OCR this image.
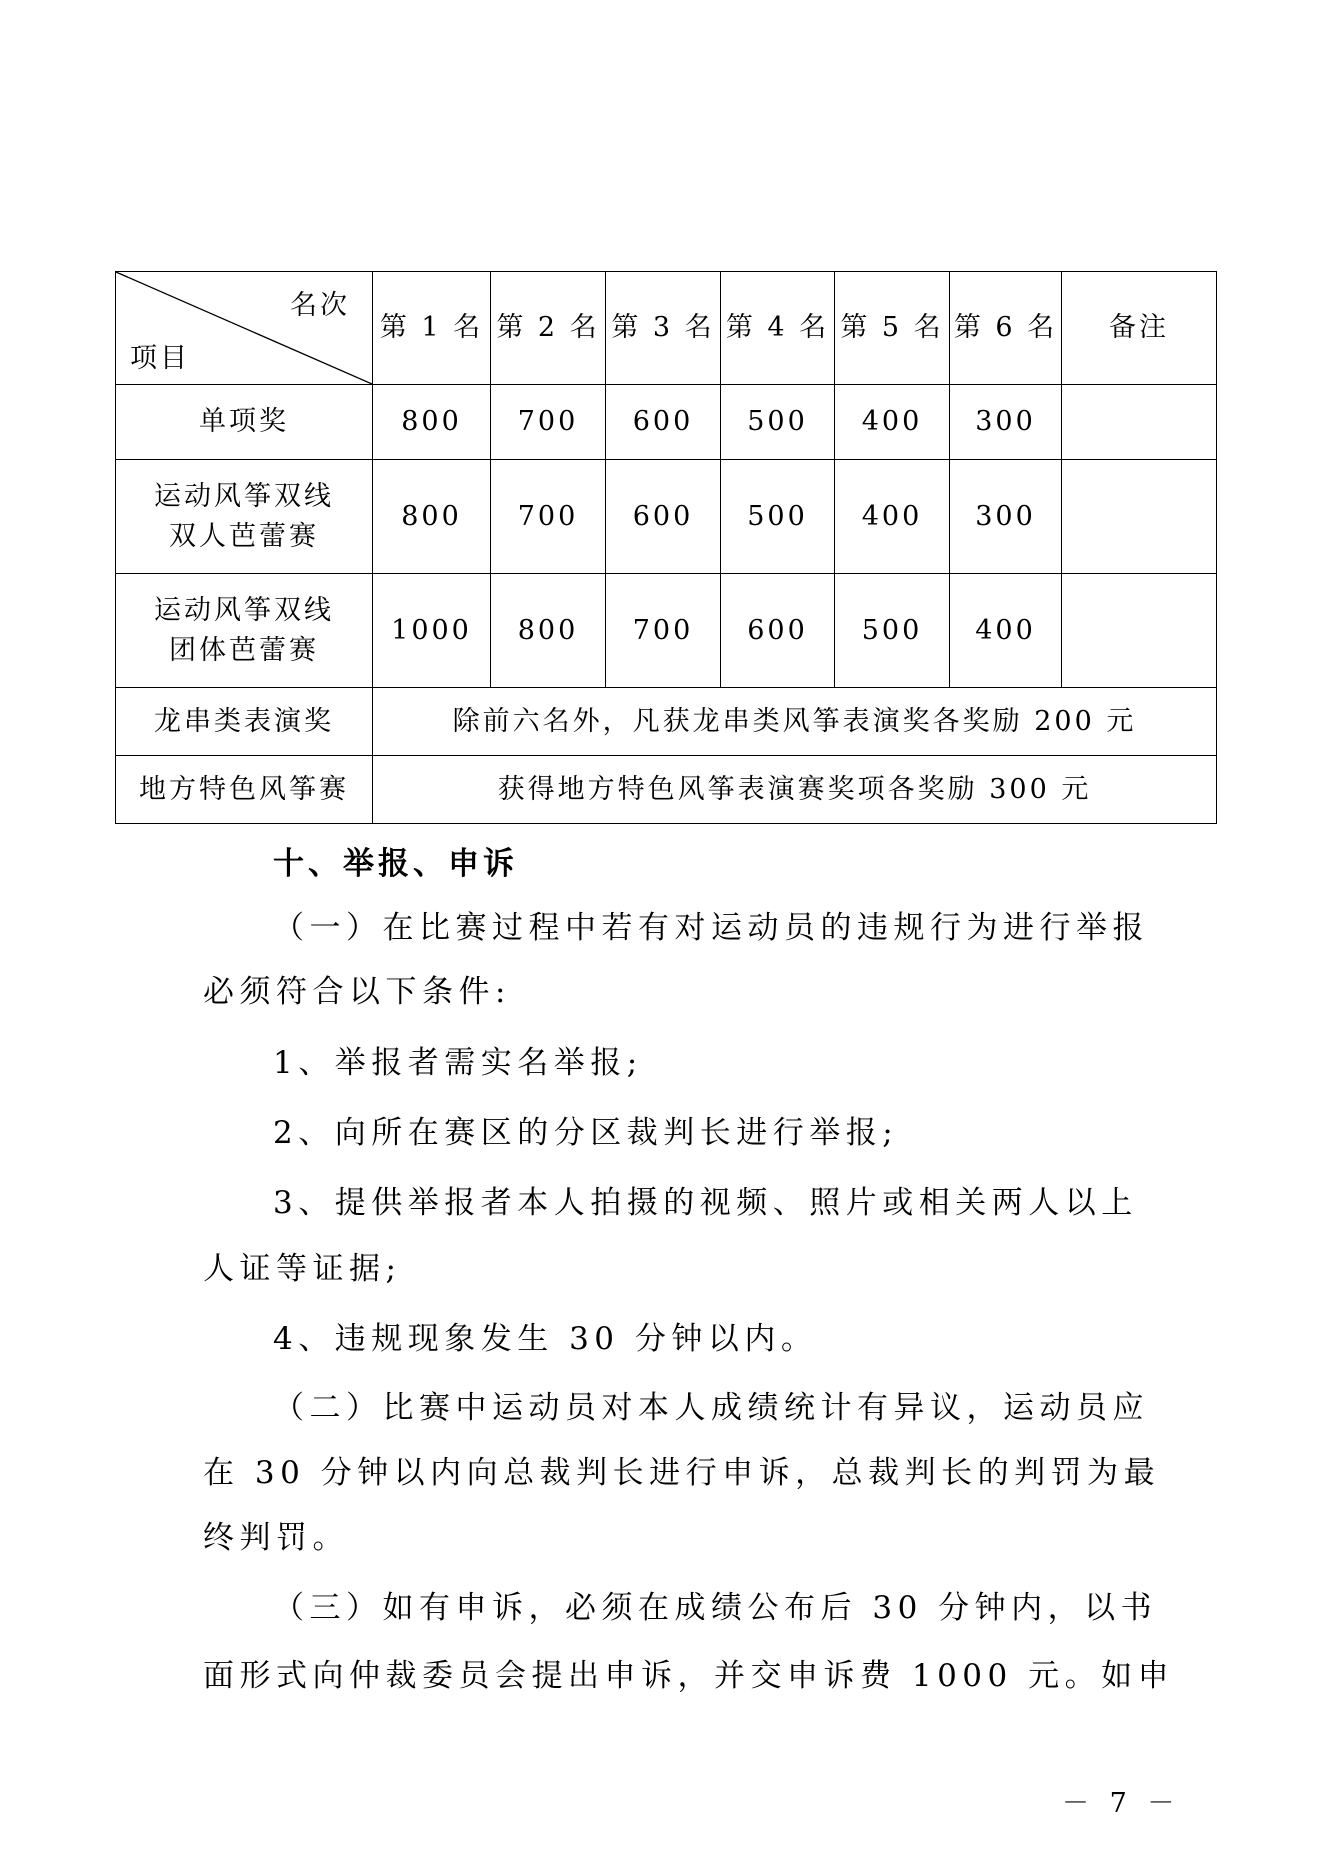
名次
项目	第 1 名	第 2 名	第 3 名	第 4 名	第 5 名	第 6 名	备注
单项奖	800	700	600	500	400	300	

运动风筝双线
双人芭蕾赛	800	700	600	500	400	300	

运动风筝双线
团体芭蕾赛	1000	800	700	600	500	400	
龙串类表演奖	除前六名外，凡获龙串类风筝表演奖各奖励 200 元						
地方特色风筝赛	获得地方特色风筝表演赛奖项各奖励 300 元						
十、举报、申诉
（一）在比赛过程中若有对运动员的违规行为进行举报
必须符合以下条件:
1、举报者需实名举报;
2、向所在赛区的分区裁判长进行举报;
3、提供举报者本人拍摄的视频、照片或相关两人以上
人证等证据;
4、违规现象发生 30 分钟以内。
（二）比赛中运动员对本人成绩统计有异议，运动员应
在 30 分钟以内向总裁判长进行申诉，总裁判长的判罚为最
终判罚。
（三）如有申诉，必须在成绩公布后 30 分钟内，以书
面形式向仲裁委员会提出申诉，并交申诉费 1000 元。如申
－ 7 －
